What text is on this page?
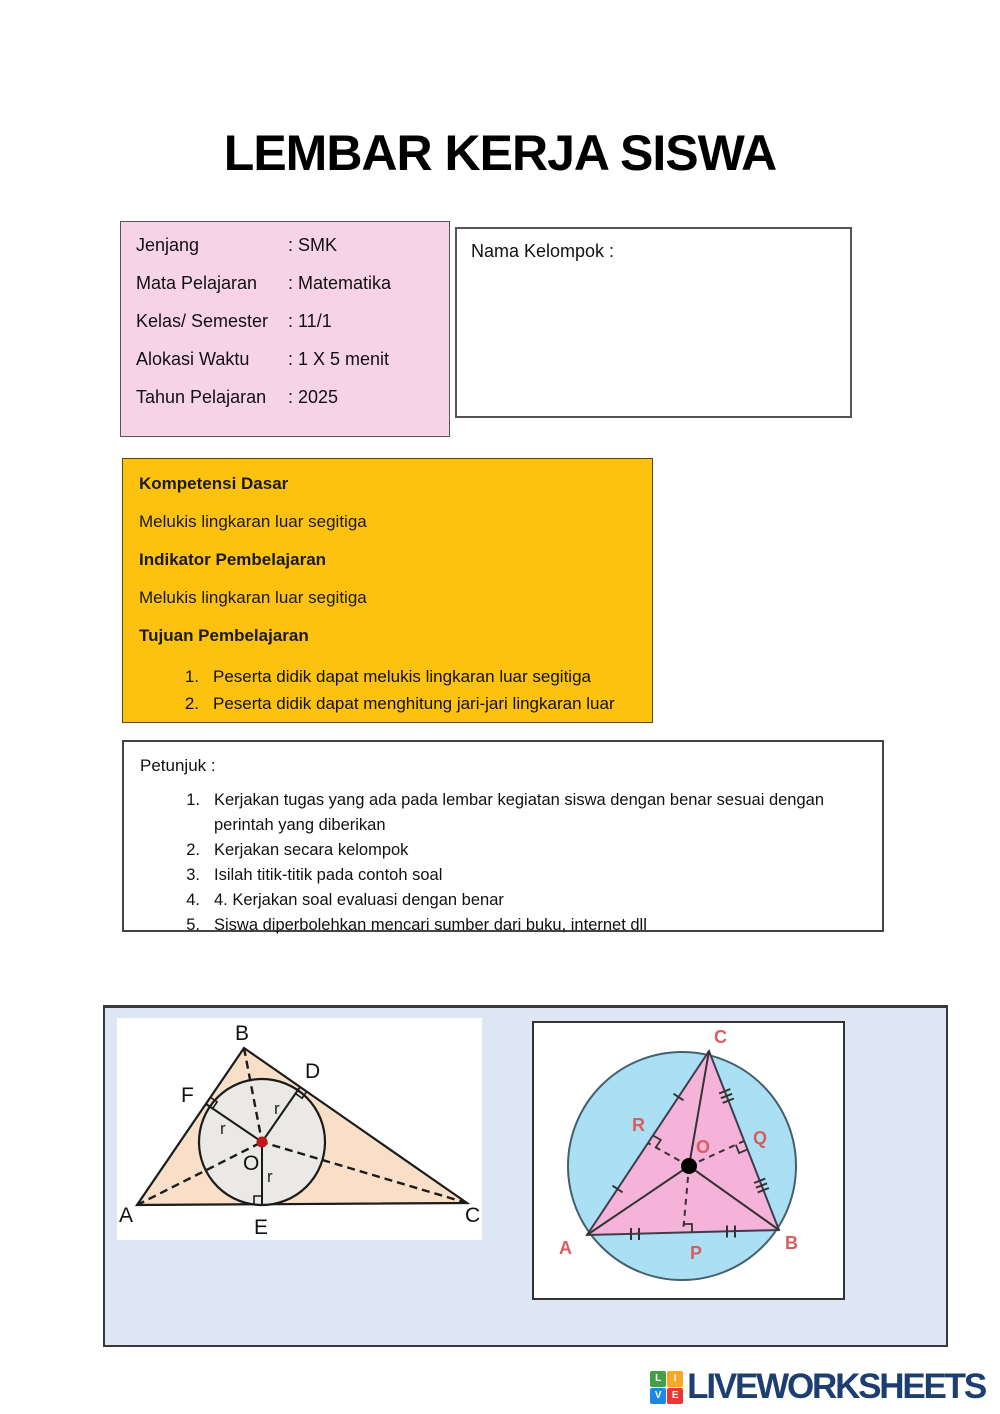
LEMBAR KERJA SISWA
Jenjang	: SMK
Mata Pelajaran	: Matematika
Kelas/ Semester	: 11/1
Alokasi Waktu	: 1 X 5 menit
Tahun Pelajaran	: 2025
Nama Kelompok :
Kompetensi Dasar
Melukis lingkaran luar segitiga
Indikator Pembelajaran
Melukis lingkaran luar segitiga
Tujuan Pembelajaran
1. Peserta didik dapat melukis lingkaran luar segitiga
2. Peserta didik dapat menghitung jari-jari lingkaran luar
Petunjuk :
1. Kerjakan tugas yang ada pada lembar kegiatan siswa dengan benar sesuai dengan perintah yang diberikan
2. Kerjakan secara kelompok
3. Isilah titik-titik pada contoh soal
4. 4. Kerjakan soal evaluasi dengan benar
5. Siswa diperbolehkan mencari sumber dari buku, internet dll
B
D
F
A	C
E
O
r
r
r
C
A	B
O
R
Q
P
L	I
V	E LIVEWORKSHEETS
